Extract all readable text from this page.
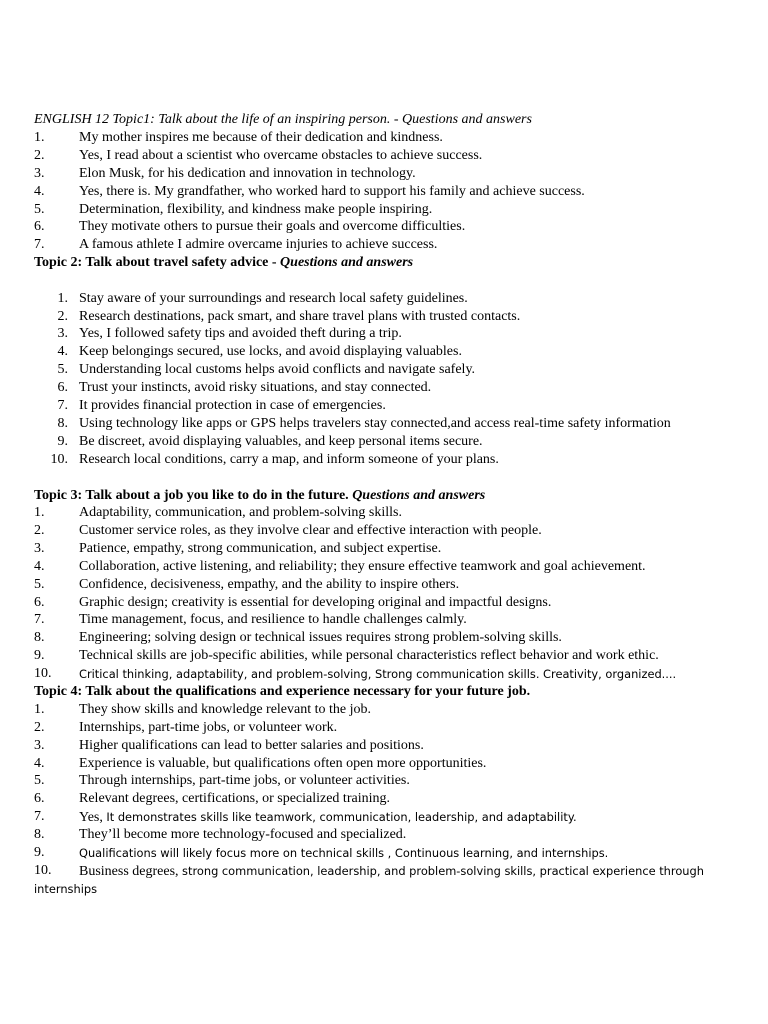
ENGLISH 12 Topic1: Talk about the life of an inspiring person. - Questions and answers
1. My mother inspires me because of their dedication and kindness.
2. Yes, I read about a scientist who overcame obstacles to achieve success.
3. Elon Musk, for his dedication and innovation in technology.
4. Yes, there is. My grandfather, who worked hard to support his family and achieve success.
5. Determination, flexibility, and kindness make people inspiring.
6. They motivate others to pursue their goals and overcome difficulties.
7. A famous athlete I admire overcame injuries to achieve success.
Topic 2: Talk about travel safety advice - Questions and answers
1. Stay aware of your surroundings and research local safety guidelines.
2. Research destinations, pack smart, and share travel plans with trusted contacts.
3. Yes, I followed safety tips and avoided theft during a trip.
4. Keep belongings secured, use locks, and avoid displaying valuables.
5. Understanding local customs helps avoid conflicts and navigate safely.
6. Trust your instincts, avoid risky situations, and stay connected.
7. It provides financial protection in case of emergencies.
8. Using technology like apps or GPS helps travelers stay connected,and access real-time safety information
9. Be discreet, avoid displaying valuables, and keep personal items secure.
10. Research local conditions, carry a map, and inform someone of your plans.
Topic 3: Talk about a job you like to do in the future. Questions and answers
1. Adaptability, communication, and problem-solving skills.
2. Customer service roles, as they involve clear and effective interaction with people.
3. Patience, empathy, strong communication, and subject expertise.
4. Collaboration, active listening, and reliability; they ensure effective teamwork and goal achievement.
5. Confidence, decisiveness, empathy, and the ability to inspire others.
6. Graphic design; creativity is essential for developing original and impactful designs.
7. Time management, focus, and resilience to handle challenges calmly.
8. Engineering; solving design or technical issues requires strong problem-solving skills.
9. Technical skills are job-specific abilities, while personal characteristics reflect behavior and work ethic.
10. Critical thinking, adaptability, and problem-solving, Strong communication skills. Creativity, organized....
Topic 4: Talk about the qualifications and experience necessary for your future job.
1. They show skills and knowledge relevant to the job.
2. Internships, part-time jobs, or volunteer work.
3. Higher qualifications can lead to better salaries and positions.
4. Experience is valuable, but qualifications often open more opportunities.
5. Through internships, part-time jobs, or volunteer activities.
6. Relevant degrees, certifications, or specialized training.
7. Yes, It demonstrates skills like teamwork, communication, leadership, and adaptability.
8. They’ll become more technology-focused and specialized.
9.	Qualifications will likely focus more on technical skills , Continuous learning, and internships.
10. Business degrees, strong communication, leadership, and problem-solving skills, practical experience through
internships
